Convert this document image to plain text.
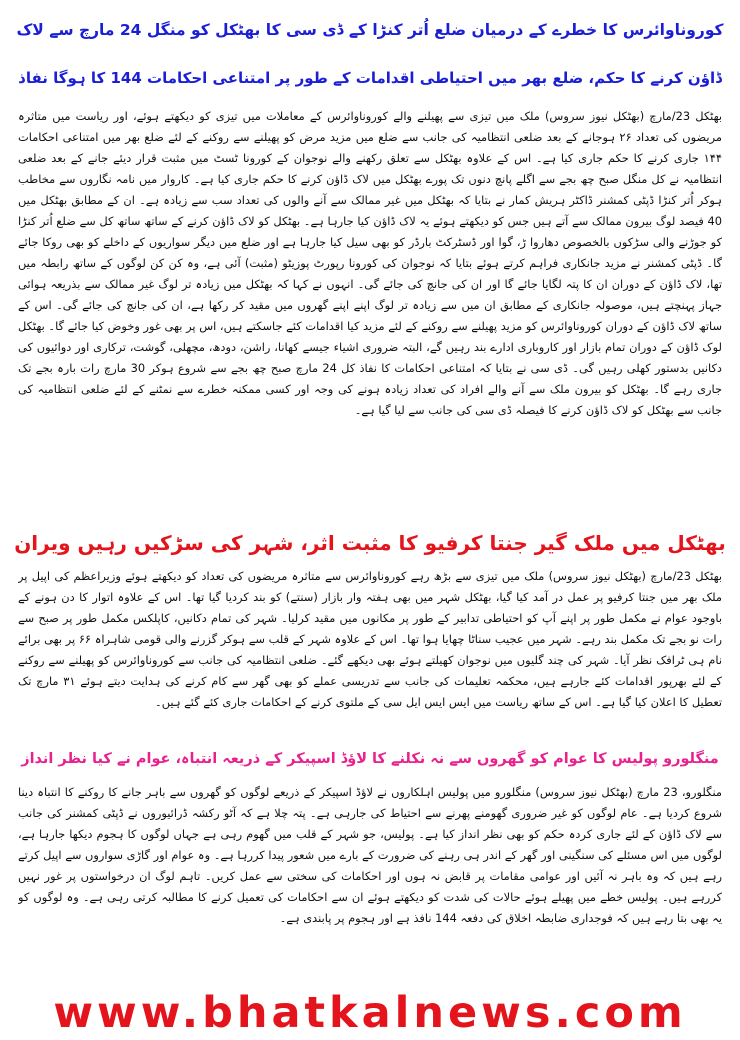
کوروناوائرس کا خطرے کے درمیان ضلع اُتر کنڑا کے ڈی سی کا بھٹکل کو منگل 24 مارچ سے لاک
ڈاؤن کرنے کا حکم، ضلع بھر میں احتیاطی اقدامات کے طور پر امتناعی احکامات 144 کا ہوگا نفاذ

بھٹکل 23/مارچ (بھٹکل نیوز سروس) ملک میں تیزی سے پھیلنے والے کوروناوائرس کے معاملات میں تیزی کو دیکھتے ہوئے، اور ریاست میں متاثرہ مریضوں کی تعداد ۲۶ ہوجانے کے بعد ضلعی انتظامیہ کی جانب سے ضلع میں مزید مرض کو پھیلنے سے روکنے کے لئے ضلع بھر میں امتناعی احکامات ۱۴۴ جاری کرنے کا حکم جاری کیا ہے۔ اس کے علاوہ بھٹکل سے تعلق رکھنے والے نوجوان کے کورونا ٹسٹ میں مثبت قرار دیئے جانے کے بعد ضلعی انتظامیہ نے کل منگل صبح چھ بجے سے اگلے پانچ دنوں تک پورے بھٹکل میں لاک ڈاؤن کرنے کا حکم جاری کیا ہے۔ کاروار میں نامہ نگاروں سے مخاطب ہوکر اُتر کنڑا ڈپٹی کمشنر ڈاکٹر ہریش کمار نے بتایا کہ بھٹکل میں غیر ممالک سے آنے والوں کی تعداد سب سے زیادہ ہے۔ ان کے مطابق بھٹکل میں 40 فیصد لوگ بیرون ممالک سے آتے ہیں جس کو دیکھتے ہوئے یہ لاک ڈاؤن کیا جارہا ہے۔ بھٹکل کو لاک ڈاؤن کرنے کے ساتھ ساتھ کل سے ضلع اُتر کنڑا کو جوڑنے والی سڑکوں بالخصوص دھاروا ڑ، گوا اور ڈسٹرکٹ بارڈر کو بھی سیل کیا جارہا ہے اور ضلع میں دیگر سواریوں کے داخلے کو بھی روکا جائے گا۔ ڈپٹی کمشنر نے مزید جانکاری فراہم کرتے ہوئے بتایا کہ نوجوان کی کورونا رپورٹ پوزیٹو (مثبت) آئی ہے، وہ کن کن لوگوں کے ساتھ رابطہ میں تھا، لاک ڈاؤن کے دوران ان کا پتہ لگایا جائے گا اور ان کی جانچ کی جائے گی۔ انہوں نے کہا کہ بھٹکل میں زیادہ تر لوگ غیر ممالک سے بذریعہ ہوائی جہاز پہنچتے ہیں، موصولہ جانکاری کے مطابق ان میں سے زیادہ تر لوگ اپنے اپنے گھروں میں مقید کر رکھا ہے، ان کی جانچ کی جائے گی۔ اس کے ساتھ لاک ڈاؤن کے دوران کوروناوائرس کو مزید پھیلنے سے روکنے کے لئے مزید کیا اقدامات کئے جاسکتے ہیں، اس پر بھی غور وخوض کیا جائے گا۔ بھٹکل لوک ڈاؤن کے دوران تمام بازار اور کاروباری ادارے بند رہیں گے، البتہ ضروری اشیاء جیسے کھانا، راشن، دودھ، مچھلی، گوشت، ترکاری اور دوائیوں کی دکانیں بدستور کھلی رہیں گی۔ ڈی سی نے بتایا کہ امتناعی احکامات کا نفاذ کل 24 مارچ صبح چھ بجے سے شروع ہوکر 30 مارچ رات بارہ بجے تک جاری رہے گا۔ بھٹکل کو بیرون ملک سے آنے والے افراد کی تعداد زیادہ ہونے کی وجہ اور کسی ممکنہ خطرے سے نمٹنے کے لئے ضلعی انتظامیہ کی جانب سے بھٹکل کو لاک ڈاؤن کرنے کا فیصلہ ڈی سی کی جانب سے لیا گیا ہے۔

بھٹکل میں ملک گیر جنتا کرفیو کا مثبت اثر، شہر کی سڑکیں رہیں ویران

بھٹکل 23/مارچ (بھٹکل نیوز سروس) ملک میں تیزی سے بڑھ رہے کوروناوائرس سے متاثرہ مریضوں کی تعداد کو دیکھتے ہوئے وزیراعظم کی اپیل پر ملک بھر میں جنتا کرفیو پر عمل در آمد کیا گیا، بھٹکل شہر میں بھی ہفتہ وار بازار (سنتے) کو بند کردیا گیا تھا۔ اس کے علاوہ اتوار کا دن ہونے کے باوجود عوام نے مکمل طور پر اپنے آپ کو احتیاطی تدابیر کے طور پر مکانوں میں مقید کرلیا۔ شہر کی تمام دکانیں، کاپلکس مکمل طور پر صبح سے رات نو بجے تک مکمل بند رہے۔ شہر میں عجیب سناٹا چھایا ہوا تھا۔ اس کے علاوہ شہر کے قلب سے ہوکر گزرنے والی قومی شاہراہ ۶۶ پر بھی برائے نام ہی ٹرافک نظر آیا۔ شہر کی چند گلیوں میں نوجوان کھیلتے ہوئے بھی دیکھے گئے۔ ضلعی انتظامیہ کی جانب سے کوروناوائرس کو پھیلنے سے روکنے کے لئے بھرپور اقدامات کئے جارہے ہیں، محکمہ تعلیمات کی جانب سے تدریسی عملے کو بھی گھر سے کام کرنے کی ہدایت دیتے ہوئے ۳۱ مارچ تک تعطیل کا اعلان کیا گیا ہے۔ اس کے ساتھ ریاست میں ایس ایس ایل سی کے ملتوی کرنے کے احکامات جاری کئے گئے ہیں۔

منگلورو پولیس کا عوام کو گھروں سے نہ نکلنے کا لاؤڈ اسپیکر کے ذریعہ انتباہ، عوام نے کیا نظر انداز

منگلورو، 23 مارچ (بھٹکل نیوز سروس) منگلورو میں پولیس اہلکاروں نے لاؤڈ اسپیکر کے ذریعے لوگوں کو گھروں سے باہر جانے کا روکنے کا انتباہ دینا شروع کردیا ہے۔ عام لوگوں کو غیر ضروری گھومنے پھرنے سے احتیاط کی جارہی ہے۔ پتہ چلا ہے کہ آٹو رکشہ ڈرائیوروں نے ڈپٹی کمشنر کی جانب سے لاک ڈاؤن کے لئے جاری کردہ حکم کو بھی نظر انداز کیا ہے۔ پولیس، جو شہر کے قلب میں گھوم رہی ہے جہاں لوگوں کا ہجوم دیکھا جارہا ہے، لوگوں میں اس مسئلے کی سنگینی اور گھر کے اندر ہی رہنے کی ضرورت کے بارے میں شعور پیدا کررہا ہے۔ وہ عوام اور گاڑی سواروں سے اپیل کرتے رہے ہیں کہ وہ باہر نہ آئیں اور عوامی مقامات پر قابض نہ ہوں اور احکامات کی سختی سے عمل کریں۔ تاہم لوگ ان درخواستوں پر غور نہیں کررہے ہیں۔ پولیس خطے میں پھیلے ہوئے حالات کی شدت کو دیکھتے ہوئے ان سے احکامات کی تعمیل کرنے کا مطالبہ کرتی رہی ہے۔ وہ لوگوں کو یہ بھی بتا رہے ہیں کہ فوجداری ضابطہ اخلاق کی دفعہ 144 نافذ ہے اور ہجوم پر پابندی ہے۔

www.bhatkalnews.com
